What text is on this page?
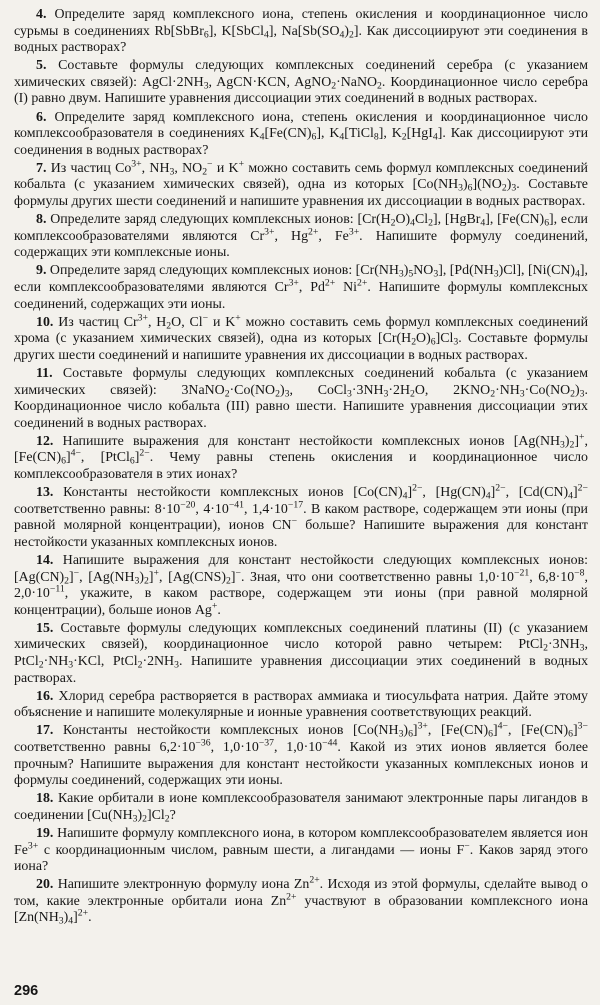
4. Определите заряд комплексного иона, степень окисления и координационное число сурьмы в соединениях Rb[SbBr$_6$], K[SbCl$_4$], $Na[Sb(SO_4)_2]$. Как диссоциируют эти соединения в водных растворах?

5. Составьте формулы следующих комплексных соединений серебра (с указанием химических связей): $AgCl\cdot 2NH_3$, AgCN·KCN, AgNO$_2$·NaNO$_2$. Координационное число серебра (I) равно двум. Напишите уравнения диссоциации этих соединений в водных растворах.

6. Определите заряд комплексного иона, степень окисления и координационное число комплексообразователя в соединениях $K_4[Fe(CN)_6]$, $K_4[TiCl_8]$, $K_2[HgI_4]$. Как диссоциируют эти соединения в водных растворах?

7. Из частиц $Co^{3+}$, $NH_3$, $NO_2^-$ и K+ можно составить семь формул комплексных соединений кобальта (с указанием химических связей), одна из которых $[Co(NH_3)_6](NO_2)_3$. Составьте формулы других шести соединений и напишите уравнения их диссоциации в водных растворах.

8. Определите заряд следующих комплексных ионов: $[Cr(H_2O)_4Cl_2]$, [HgBr$_4$], $[Fe(CN)_6]$, если комплексообразователями являются $Cr^{3+}$, $Hg^{2+}$, $Fe^{3+}$. Напишите формулу соединений, содержащих эти комплексные ионы.

9. Определите заряд следующих комплексных ионов: $[Cr(NH_3)_5NO_3]$, $[Pd(NH_3)Cl]$, $[Ni(CN)_4]$, если комплексообразователями являются $Cr^{3+}$, $Pd^{2+}$ $Ni^{2+}$. Напишите формулы комплексных соединений, содержащих эти ионы.

10. Из частиц $Cr^{3+}$, $H_2O$, Cl− и K+ можно составить семь формул комплексных соединений хрома (с указанием химических связей), одна из которых $[Cr(H_2O)_6]Cl_3$. Составьте формулы других шести соединений и напишите уравнения их диссоциации в водных растворах.

11. Составьте формулы следующих комплексных соединений кобальта (с указанием химических связей): $3NaNO_2\cdot Co(NO_2)_3$, $CoCl_3\cdot 3NH_3\cdot 2H_2O$, $2KNO_2\cdot NH_3\cdot Co(NO_2)_3$. Координационное число кобальта (III) равно шести. Напишите уравнения диссоциации этих соединений в водных растворах.

12. Напишите выражения для констант нестойкости комплексных ионов $[Ag(NH_3)_2]^+$, $[Fe(CN)_6]^{4-}$, [PtCl$_6$]$^{2-}$. Чему равны степень окисления и координационное число комплексообразователя в этих ионах?

13. Константы нестойкости комплексных ионов $[Co(CN)_4]^{2-}$, $[Hg(CN)_4]^{2-}$, $[Cd(CN)_4]^{2-}$ соответственно равны: $8\cdot 10^{-20}$, $4\cdot 10^{-41}$, $1,4\cdot 10^{-17}$. В каком растворе, содержащем эти ионы (при равной молярной концентрации), ионов CN− больше? Напишите выражения для констант нестойкости указанных комплексных ионов.

14. Напишите выражения для констант нестойкости следующих комплексных ионов: $[Ag(CN)_2]^-$, $[Ag(NH_3)_2]^+$, $[Ag(CNS)_2]^-$. Зная, что они соответственно равны $1,0\cdot 10^{-21}$, $6,8\cdot 10^{-8}$, $2,0\cdot 10^{-11}$, укажите, в каком растворе, содержащем эти ионы (при равной молярной концентрации), больше ионов Ag+.

15. Составьте формулы следующих комплексных соединений платины (II) (с указанием химических связей), координационное число которой равно четырем: $PtCl_2\cdot 3NH_3$, $PtCl_2\cdot NH_3\cdot KCl$, $PtCl_2\cdot 2NH_3$. Напишите уравнения диссоциации этих соединений в водных растворах.

16. Хлорид серебра растворяется в растворах аммиака и тиосульфата натрия. Дайте этому объяснение и напишите молекулярные и ионные уравнения соответствующих реакций.

17. Константы нестойкости комплексных ионов $[Co(NH_3)_6]^{3+}$, $[Fe(CN)_6]^{4-}$, $[Fe(CN)_6]^{3-}$ соответственно равны $6,2\cdot 10^{-36}$, $1,0\cdot 10^{-37}$, $1,0\cdot 10^{-44}$. Какой из этих ионов является более прочным? Напишите выражения для констант нестойкости указанных комплексных ионов и формулы соединений, содержащих эти ионы.

18. Какие орбитали в ионе комплексообразователя занимают электронные пары лигандов в соединении $[Cu(NH_3)_2]Cl_2$?

19. Напишите формулу комплексного иона, в котором комплексообразователем является ион $Fe^{3+}$ с координационным числом, равным шести, а лигандами — ионы F−. Каков заряд этого иона?

20. Напишите электронную формулу иона $Zn^{2+}$. Исходя из этой формулы, сделайте вывод о том, какие электронные орбитали иона $Zn^{2+}$ участвуют в образовании комплексного иона $[Zn(NH_3)_4]^{2+}$.

296
